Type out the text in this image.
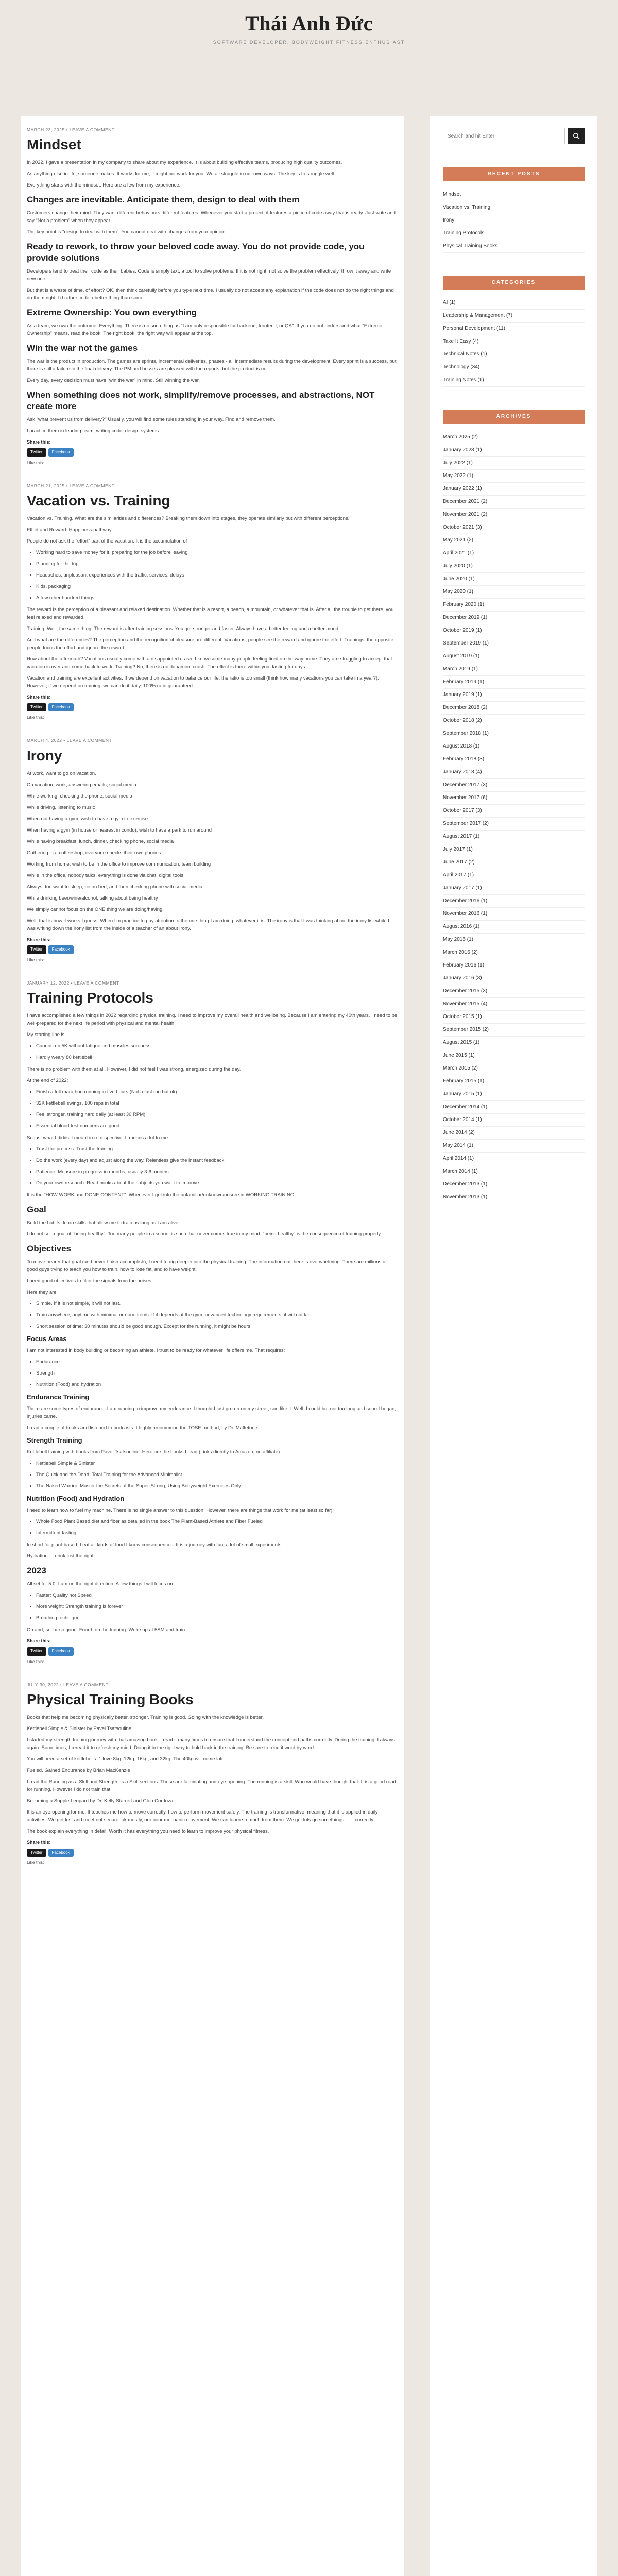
Thái Anh Đức
SOFTWARE DEVELOPER, BODYWEIGHT FITNESS ENTHUSIAST
MARCH 23, 2025 • LEAVE A COMMENT
Mindset

In 2022, I gave a presentation in my company to share about my experience. It is about building effective teams, producing high quality outcomes.

As anything else in life, someone makes. It works for me, it might not work for you. We all struggle in our own ways. The key is to struggle well.

Everything starts with the mindset. Here are a few from my experience.

Changes are inevitable. Anticipate them, design to deal with them

Customers change their mind. They want different behaviours different features. Whenever you start a project, it features a piece of code away that is ready. Just write and say "Not a problem" when they appear.

The key point is "design to deal with them". You cannot deal with changes from your opinion.

Ready to rework, to throw your beloved code away. You do not provide code, you provide solutions

Developers tend to treat their code as their babies. Code is simply text, a tool to solve problems. If it is not right, not solve the problem effectively, throw it away and write new one.

But that is a waste of time, of effort? OK, then think carefully before you type next time. I usually do not accept any explanation if the code does not do the right things and do them right. I'd rather code a better thing than some.

Extreme Ownership: You own everything

As a team, we own the outcome. Everything. There is no such thing as "I am only responsible for backend, frontend, or QA". If you do not understand what "Extreme Ownership" means, read the book. The right book, the right way will appear at the top.

Win the war not the games

The war is the product in production. The games are sprints, incremental deliveries, phases - all intermediate results during the development. Every sprint is a success, but there is still a failure in the final delivery. The PM and bosses are pleased with the reports, but the product is not.

Every day, every decision must have "win the war" in mind. Still winning the war.

When something does not work, simplify/remove processes, and abstractions, NOT create more

Ask "what prevent us from delivery?" Usually, you will find some rules standing in your way. Find and remove them.

I practice them in leading team, writing code, design systems.

Share this:
Twitter	Facebook
Like this:
MARCH 21, 2025 • LEAVE A COMMENT
Vacation vs. Training

Vacation vs. Training. What are the similarities and differences? Breaking them down into stages, they operate similarly but with different perceptions.

Effort and Reward. Happiness pathway.

People do not ask the "effort" part of the vacation. It is the accumulation of

• Working hard to save money for it, preparing for the job before leaving
• Planning for the trip
• Headaches, unpleasant experiences with the traffic, services, delays
• Kids, packaging
• A few other hundred things

The reward is the perception of a pleasant and relaxed destination. Whether that is a resort, a beach, a mountain, or whatever that is. After all the trouble to get there, you feel relaxed and rewarded.

Training. Well, the same thing. The reward is after training sessions. You get stronger and faster. Always have a better feeling and a better mood.

And what are the differences? The perception and the recognition of pleasure are different. Vacations, people see the reward and ignore the effort. Trainings, the opposite, people focus the effort and ignore the reward.

How about the aftermath? Vacations usually come with a disappointed crash. I know some many people feeling tired on the way home. They are struggling to accept that vacation is over and come back to work. Training? No, there is no dopamine crash. The effect is there within you, lasting for days.

Vacation and training are excellent activities. If we depend on vacation to balance our life, the ratio is too small (think how many vacations you can take in a year?). However, if we depend on training, we can do it daily. 100% ratio guaranteed.

Share this:
Twitter	Facebook
Like this:
MARCH 4, 2022 • LEAVE A COMMENT
Irony

At work, want to go on vacation.

On vacation, work, answering emails, social media

While working, checking the phone, social media

While driving, listening to music

When not having a gym, wish to have a gym to exercise

When having a gym (in house or nearest in condo), wish to have a park to run around

While having breakfast, lunch, dinner, checking phone, social media

Gathering in a coffeeshop, everyone checks their own phones

Working from home, wish to be in the office to improve communication, team building

While in the office, nobody talks, everything is done via chat, digital tools

Always, too want to sleep, be on bed, and then checking phone with social media

While drinking beer/wine/alcohol, talking about being healthy

We simply cannot focus on the ONE thing we are doing/having.

Well, that is how it works I guess. When I'm practice to pay attention to the one thing I am doing, whatever it is. The irony is that I was thinking about the irony list while I was writing down the irony list from the inside of a teacher of an about irony.

Share this:
Twitter	Facebook
Like this:
JANUARY 12, 2022 • LEAVE A COMMENT
Training Protocols

I have accomplished a few things in 2022 regarding physical training. I need to improve my overall health and wellbeing. Because I am entering my 40th years. I need to be well-prepared for the next life period with physical and mental health.

My starting line is

• Cannot run 5K without fatigue and muscles soreness
• Hardly weary 80 kettlebell

There is no problem with them at all. However, I did not feel I was strong, energized during the day.

At the end of 2022:

• Finish a full marathon running in five hours (Not a fast run but ok)
• 32K kettlebell swings, 100 reps in total
• Feel stronger, training hard daily (at least 30 RPM)
• Essential blood test numbers are good

So just what I did/is it meant in retrospective. It means a lot to me.

• Trust the process. Trust the training.
• Do the work (every day) and adjust along the way. Relentless give the instant feedback.
• Patience. Measure in progress in months, usually 3-6 months.
• Do your own research. Read books about the subjects you want to improve.

It is the "HOW WORK and DONE CONTENT". Whenever I got into the unfamiliar/unknown/unsure in WORKING TRAINING.

Goal

Build the habits, learn skills that allow me to train as long as I am alive.

I do not set a goal of "being healthy". Too many people in a school is such that never comes true in my mind. "being healthy" is the consequence of training properly.

Objectives

To move nearer that goal (and never finish accomplish), I need to dig deeper into the physical training. The information out there is overwhelming. There are millions of good guys trying to teach you how to train, how to lose fat, and to have weight.

I need good objectives to filter the signals from the noises.

Here they are

• Simple. If it is not simple, it will not last.
• Train anywhere, anytime with minimal or none items. If it depends at the gym, advanced technology requirements, it will not last.
• Short session of time: 30 minutes should be good enough. Except for the running, it might be hours.
Focus Areas

I am not interested in body building or becoming an athlete. I trust to be ready for whatever life offers me. That requires:

• Endurance
• Strength
• Nutrition (Food) and hydration
Endurance Training

There are some types of endurance. I am running to improve my endurance. I thought I just go run on my street, sort like it. Well, I could but not too long and soon I began, injuries came.

I read a couple of books and listened to podcasts. I highly recommend the TOSE method, by Dr. Maffetone.

Strength Training

Kettlebell training with books from Pavel Tsatsouline. Here are the books I read (Links directly to Amazon, no affiliate):

• Kettlebell Simple & Sinister
• The Quick and the Dead: Total Training for the Advanced Minimalist
• The Naked Warrior: Master the Secrets of the Super-Strong, Using Bodyweight Exercises Only
Nutrition (Food) and Hydration

I need to learn how to fuel my machine. There is no single answer to this question. However, there are things that work for me (at least so far):

• Whole Food Plant Based diet and fiber as detailed in the book The Plant-Based Athlete and Fiber Fueled
• Intermittent fasting

In short for plant-based, I eat all kinds of food I know consequences. It is a journey with fun, a lot of small experiments.

Hydration - I drink just the right.

2023

All set for 5.0. I am on the right direction. A few things I will focus on

• Faster: Quality not Speed
• More weight: Strength training is forever
• Breathing technique

Oh and, so far so good. Fourth on the training. Woke up at 5AM and train.

Share this:
Twitter	Facebook
Like this:
JULY 30, 2022 • LEAVE A COMMENT
Physical Training Books

Books that help me becoming physically better, stronger. Training is good. Going with the knowledge is better.

Kettlebell Simple & Sinister by Pavel Tsatsouline

I started my strength training journey with that amazing book. I read it many times to ensure that I understand the concept and paths correctly. During the training, I always again. Sometimes, I reread it to refresh my mind. Doing it in the right way to hold back in the training. Be sure to read it word by word.

You will need a set of kettlebells: 1 love 8kg, 12kg, 16kg, and 32kg. The 40kg will come later.

Fueled. Gained Endurance by Brian MacKenzie

I read the Running as a Skill and Strength as a Skill sections. These are fascinating and eye-opening. The running is a skill. Who would have thought that. It is a good read for running. However I do not train that.

Becoming a Supple Leopard by Dr. Kelly Starrett and Glen Cordoza

It is an eye-opening for me. It teaches me how to move correctly, how to perform movement safely. The training is transformative, meaning that it is applied in daily activities. We get lost and meet not secure, ok mostly, our poor mechanic movement. We can learn so much from them. We get lots go somethings... ... correctly.

The book explain everything in detail. Worth it has everything you need to learn to improve your physical fitness.

Share this:
Twitter	Facebook
Like this:
Search and hit Enter
RECENT POSTS
Mindset
Vacation vs. Training
Irony
Training Protocols
Physical Training Books
CATEGORIES
AI (1)
Leadership & Management (7)
Personal Development (11)
Take It Easy (4)
Technical Notes (1)
Technology (34)
Training Notes (1)
ARCHIVES
March 2025 (2)
January 2023 (1)
July 2022 (1)
May 2022 (1)
January 2022 (1)
December 2021 (2)
November 2021 (2)
October 2021 (3)
May 2021 (2)
April 2021 (1)
July 2020 (1)
June 2020 (1)
May 2020 (1)
February 2020 (1)
December 2019 (1)
October 2019 (1)
September 2019 (1)
August 2019 (1)
March 2019 (1)
February 2019 (1)
January 2019 (1)
December 2018 (2)
October 2018 (2)
September 2018 (1)
August 2018 (1)
February 2018 (3)
January 2018 (4)
December 2017 (3)
November 2017 (6)
October 2017 (3)
September 2017 (2)
August 2017 (1)
July 2017 (1)
June 2017 (2)
April 2017 (1)
January 2017 (1)
December 2016 (1)
November 2016 (1)
August 2016 (1)
May 2016 (1)
March 2016 (2)
February 2016 (1)
January 2016 (3)
December 2015 (3)
November 2015 (4)
October 2015 (1)
September 2015 (2)
August 2015 (1)
June 2015 (1)
March 2015 (2)
February 2015 (1)
January 2015 (1)
December 2014 (1)
October 2014 (1)
June 2014 (2)
May 2014 (1)
April 2014 (1)
March 2014 (1)
December 2013 (1)
November 2013 (1)
